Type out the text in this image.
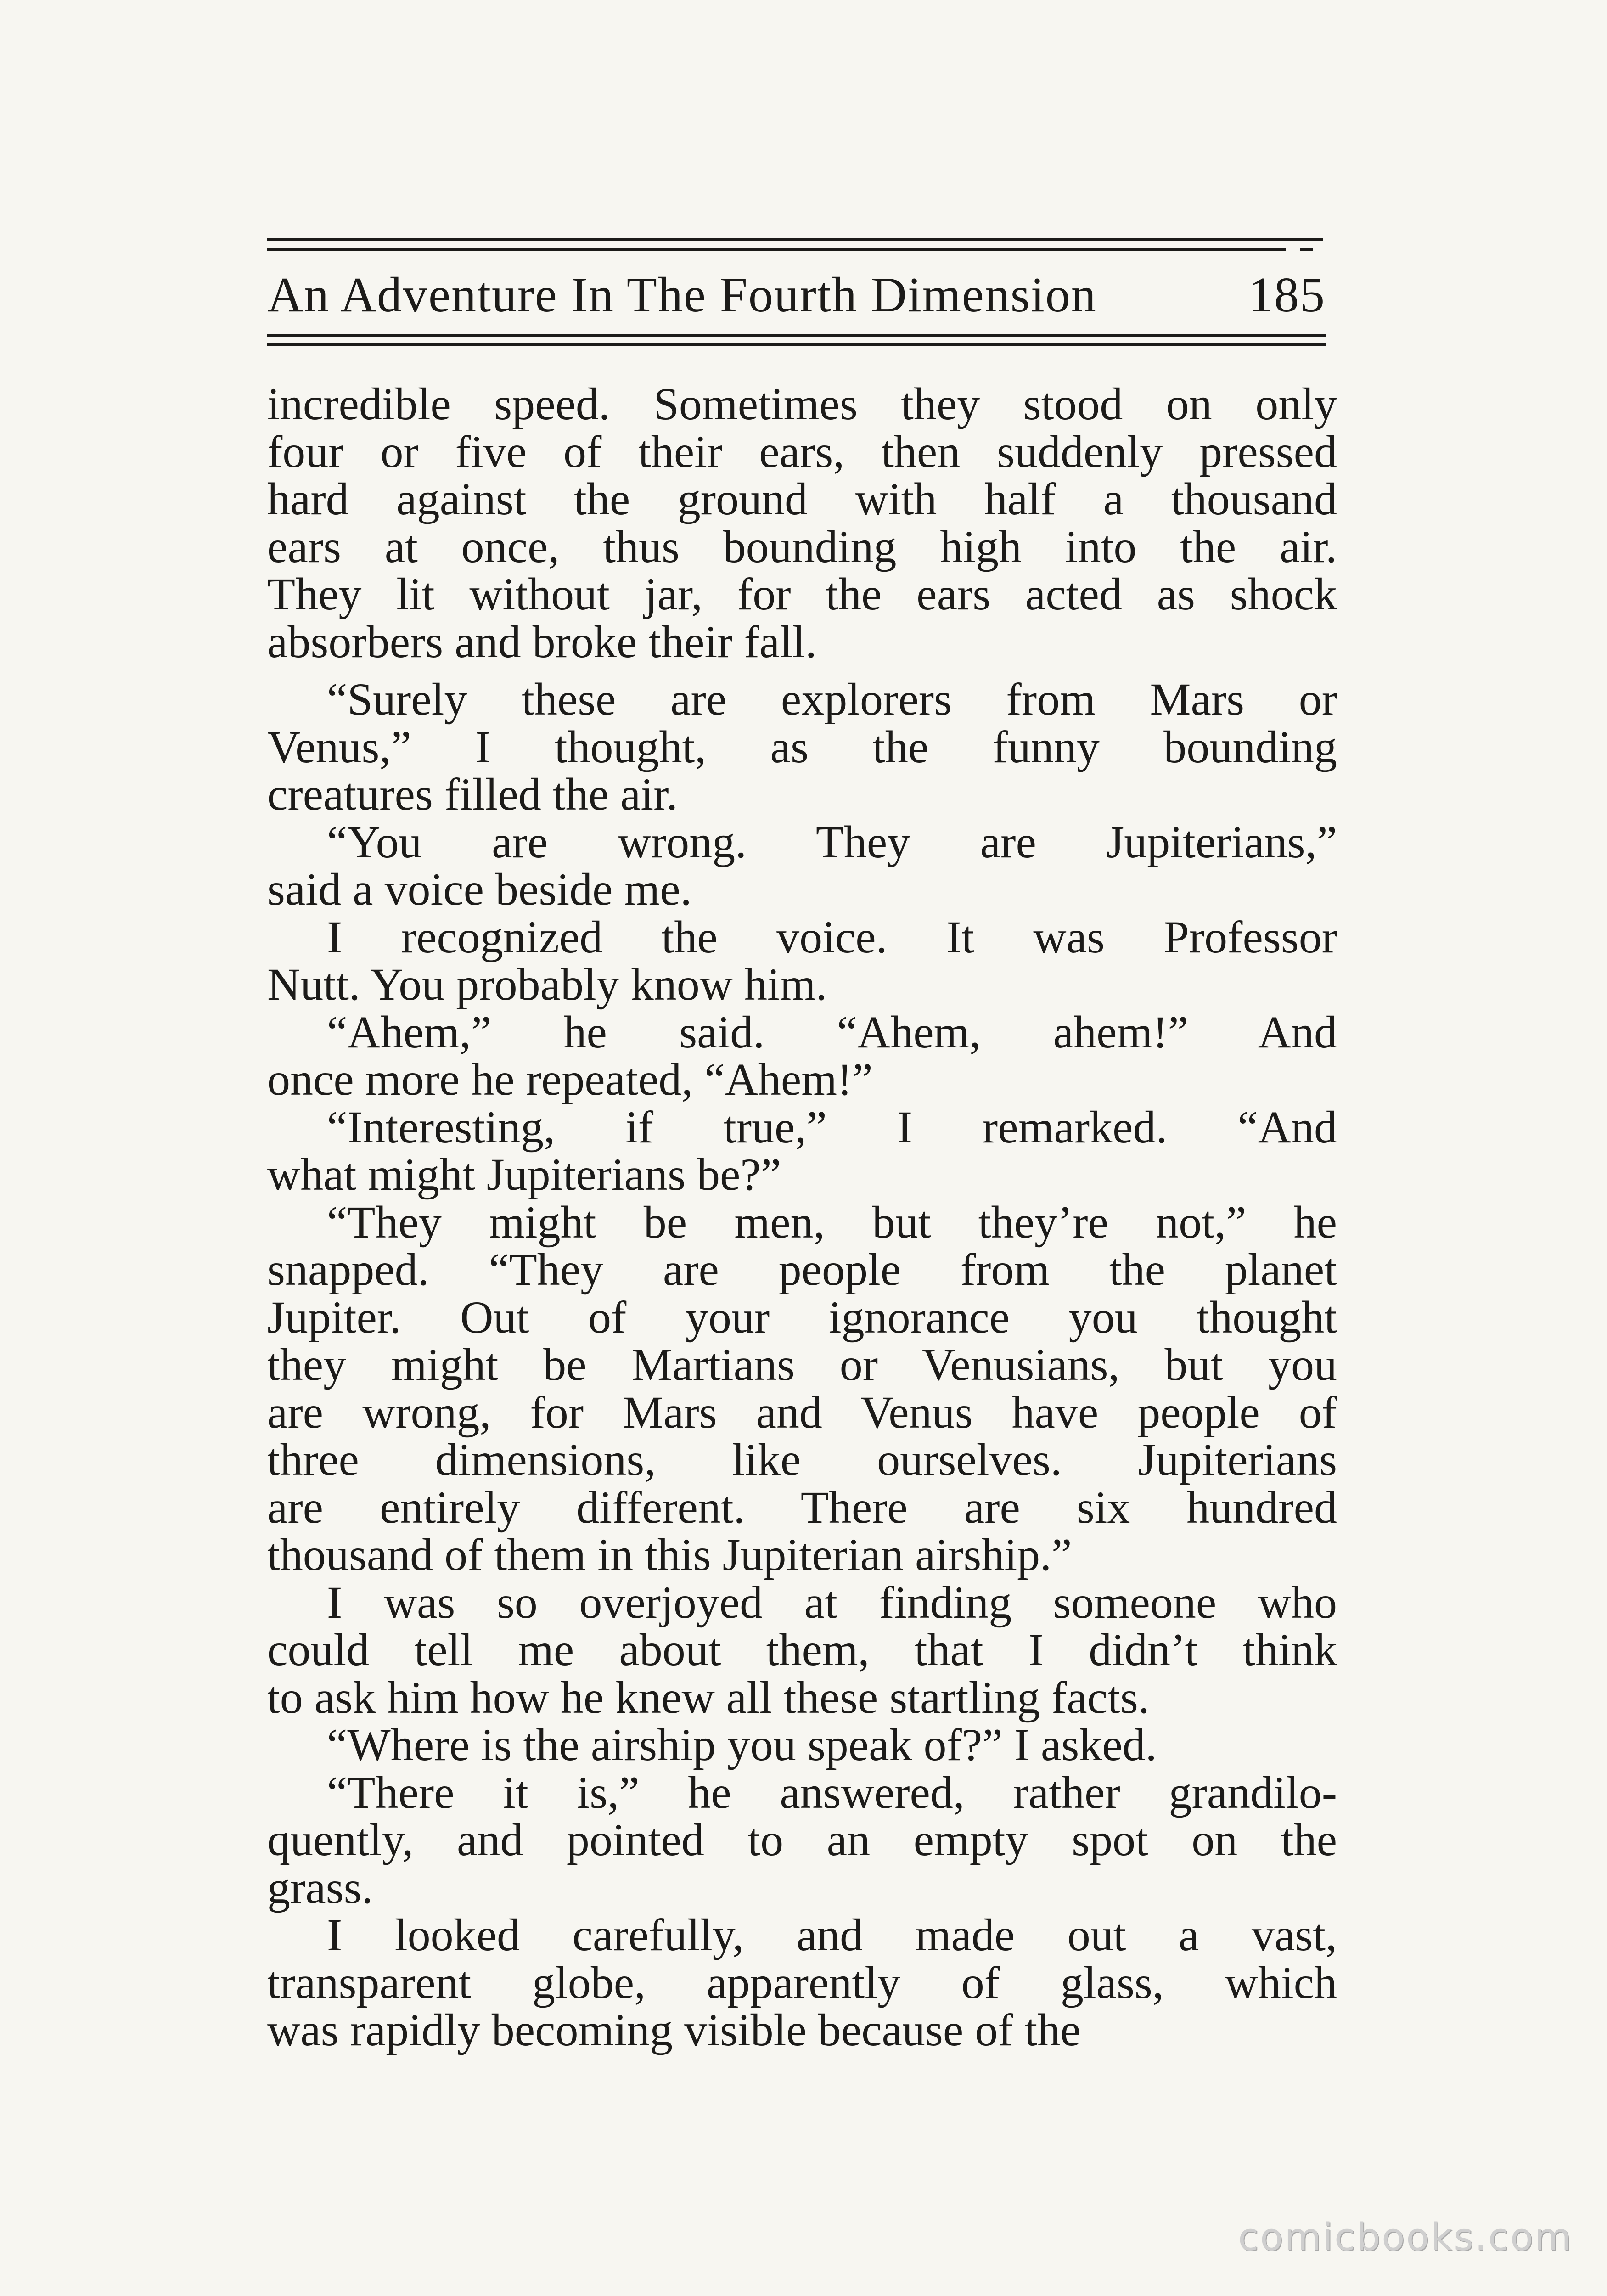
An Adventure In The Fourth Dimension	185
incredible speed. Sometimes they stood on only
four or five of their ears, then suddenly pressed
hard against the ground with half a thousand
ears at once, thus bounding high into the air.
They lit without jar, for the ears acted as shock
absorbers and broke their fall.
“Surely these are explorers from Mars or
Venus,” I thought, as the funny bounding
creatures filled the air.
“You are wrong. They are Jupiterians,”
said a voice beside me.
I recognized the voice. It was Professor
Nutt. You probably know him.
“Ahem,” he said. “Ahem, ahem!” And
once more he repeated, “Ahem!”
“Interesting, if true,” I remarked. “And
what might Jupiterians be?”
“They might be men, but they’re not,” he
snapped. “They are people from the planet
Jupiter. Out of your ignorance you thought
they might be Martians or Venusians, but you
are wrong, for Mars and Venus have people of
three dimensions, like ourselves. Jupiterians
are entirely different. There are six hundred
thousand of them in this Jupiterian airship.”
I was so overjoyed at finding someone who
could tell me about them, that I didn’t think
to ask him how he knew all these startling facts.
“Where is the airship you speak of?” I asked.
“There it is,” he answered, rather grandilo-
quently, and pointed to an empty spot on the
grass.
I looked carefully, and made out a vast,
transparent globe, apparently of glass, which
was rapidly becoming visible because of the
comicbooks.com
